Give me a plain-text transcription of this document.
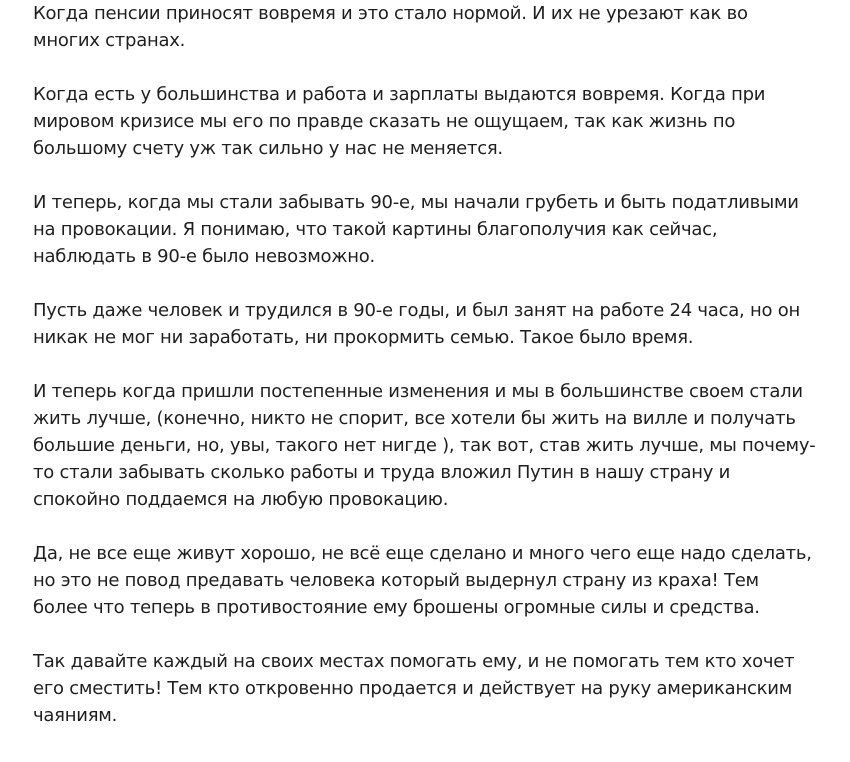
Когда пенсии приносят вовремя и это стало нормой. И их не урезают как во
многих странах.

Когда есть у большинства и работа и зарплаты выдаются вовремя. Когда при
мировом кризисе мы его по правде сказать не ощущаем, так как жизнь по
большому счету уж так сильно у нас не меняется.

И теперь, когда мы стали забывать 90-е, мы начали грубеть и быть податливыми
на провокации. Я понимаю, что такой картины благополучия как сейчас,
наблюдать в 90-е было невозможно.

Пусть даже человек и трудился в 90-е годы, и был занят на работе 24 часа, но он
никак не мог ни заработать, ни прокормить семью. Такое было время.

И теперь когда пришли постепенные изменения и мы в большинстве своем стали
жить лучше, (конечно, никто не спорит, все хотели бы жить на вилле и получать
большие деньги, но, увы, такого нет нигде ), так вот, став жить лучше, мы почему-
то стали забывать сколько работы и труда вложил Путин в нашу страну и
спокойно поддаемся на любую провокацию.

Да, не все еще живут хорошо, не всё еще сделано и много чего еще надо сделать,
но это не повод предавать человека который выдернул страну из краха! Тем
более что теперь в противостояние ему брошены огромные силы и средства.

Так давайте каждый на своих местах помогать ему, и не помогать тем кто хочет
его сместить! Тем кто откровенно продается и действует на руку американским
чаяниям.
